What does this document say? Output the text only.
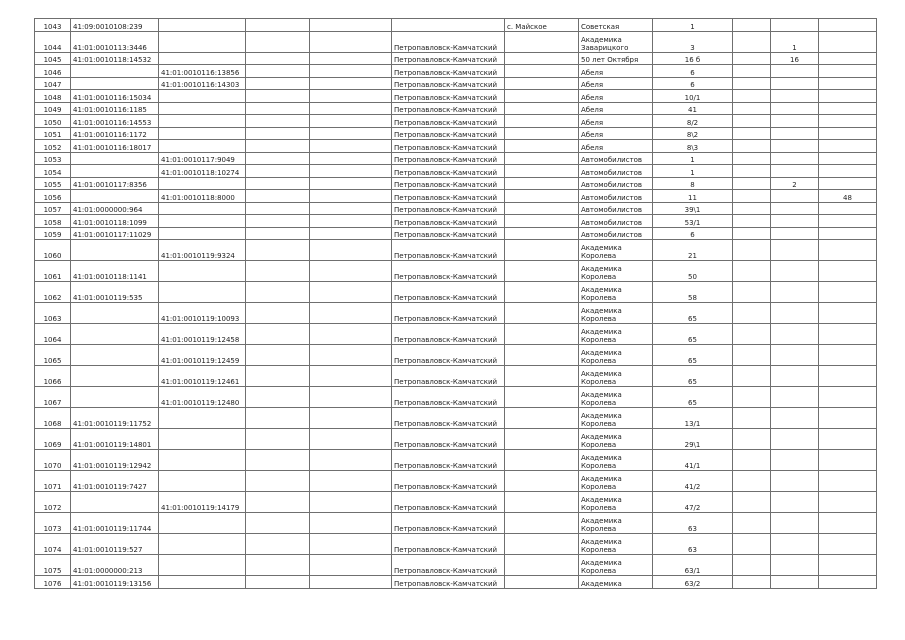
1043	41:09:0010108:239					с. Майское	Советская	1			
1044	41:01:0010113:3446				Петропавловск-Камчатский		Академика Заварицкого	3		1	
1045	41:01:0010118:14532				Петропавловск-Камчатский		50 лет Октября	16 б		16	
1046		41:01:0010116:13856			Петропавловск-Камчатский		Абеля	6			
1047		41:01:0010116:14303			Петропавловск-Камчатский		Абеля	6			
1048	41:01:0010116:15034				Петропавловск-Камчатский		Абеля	10/1			
1049	41:01:0010116:1185				Петропавловск-Камчатский		Абеля	41			
1050	41:01:0010116:14553				Петропавловск-Камчатский		Абеля	8/2			
1051	41:01:0010116:1172				Петропавловск-Камчатский		Абеля	8\2			
1052	41:01:0010116:18017				Петропавловск-Камчатский		Абеля	8\3			
1053		41:01:0010117:9049			Петропавловск-Камчатский		Автомобилистов	1			
1054		41:01:0010118:10274			Петропавловск-Камчатский		Автомобилистов	1			
1055	41:01:0010117:8356				Петропавловск-Камчатский		Автомобилистов	8		2	
1056		41:01:0010118:8000			Петропавловск-Камчатский		Автомобилистов	11			48
1057	41:01:0000000:964				Петропавловск-Камчатский		Автомобилистов	39\1			
1058	41:01:0010118:1099				Петропавловск-Камчатский		Автомобилистов	53/1			
1059	41:01:0010117:11029				Петропавловск-Камчатский		Автомобилистов	6			
1060		41:01:0010119:9324			Петропавловск-Камчатский		Академика Королева	21			
1061	41:01:0010118:1141				Петропавловск-Камчатский		Академика Королева	50			
1062	41:01:0010119:535				Петропавловск-Камчатский		Академика Королева	58			
1063		41:01:0010119:10093			Петропавловск-Камчатский		Академика Королева	65			
1064		41:01:0010119:12458			Петропавловск-Камчатский		Академика Королева	65			
1065		41:01:0010119:12459			Петропавловск-Камчатский		Академика Королева	65			
1066		41:01:0010119:12461			Петропавловск-Камчатский		Академика Королева	65			
1067		41:01:0010119:12480			Петропавловск-Камчатский		Академика Королева	65			
1068	41:01:0010119:11752				Петропавловск-Камчатский		Академика Королева	13/1			
1069	41:01:0010119:14801				Петропавловск-Камчатский		Академика Королева	29\1			
1070	41:01:0010119:12942				Петропавловск-Камчатский		Академика Королева	41/1			
1071	41:01:0010119:7427				Петропавловск-Камчатский		Академика Королева	41/2			
1072		41:01:0010119:14179			Петропавловск-Камчатский		Академика Королева	47/2			
1073	41:01:0010119:11744				Петропавловск-Камчатский		Академика Королева	63			
1074	41:01:0010119:527				Петропавловск-Камчатский		Академика Королева	63			
1075	41:01:0000000:213				Петропавловск-Камчатский		Академика Королева	63/1			
1076	41:01:0010119:13156				Петропавловск-Камчатский		Академика	63/2			
